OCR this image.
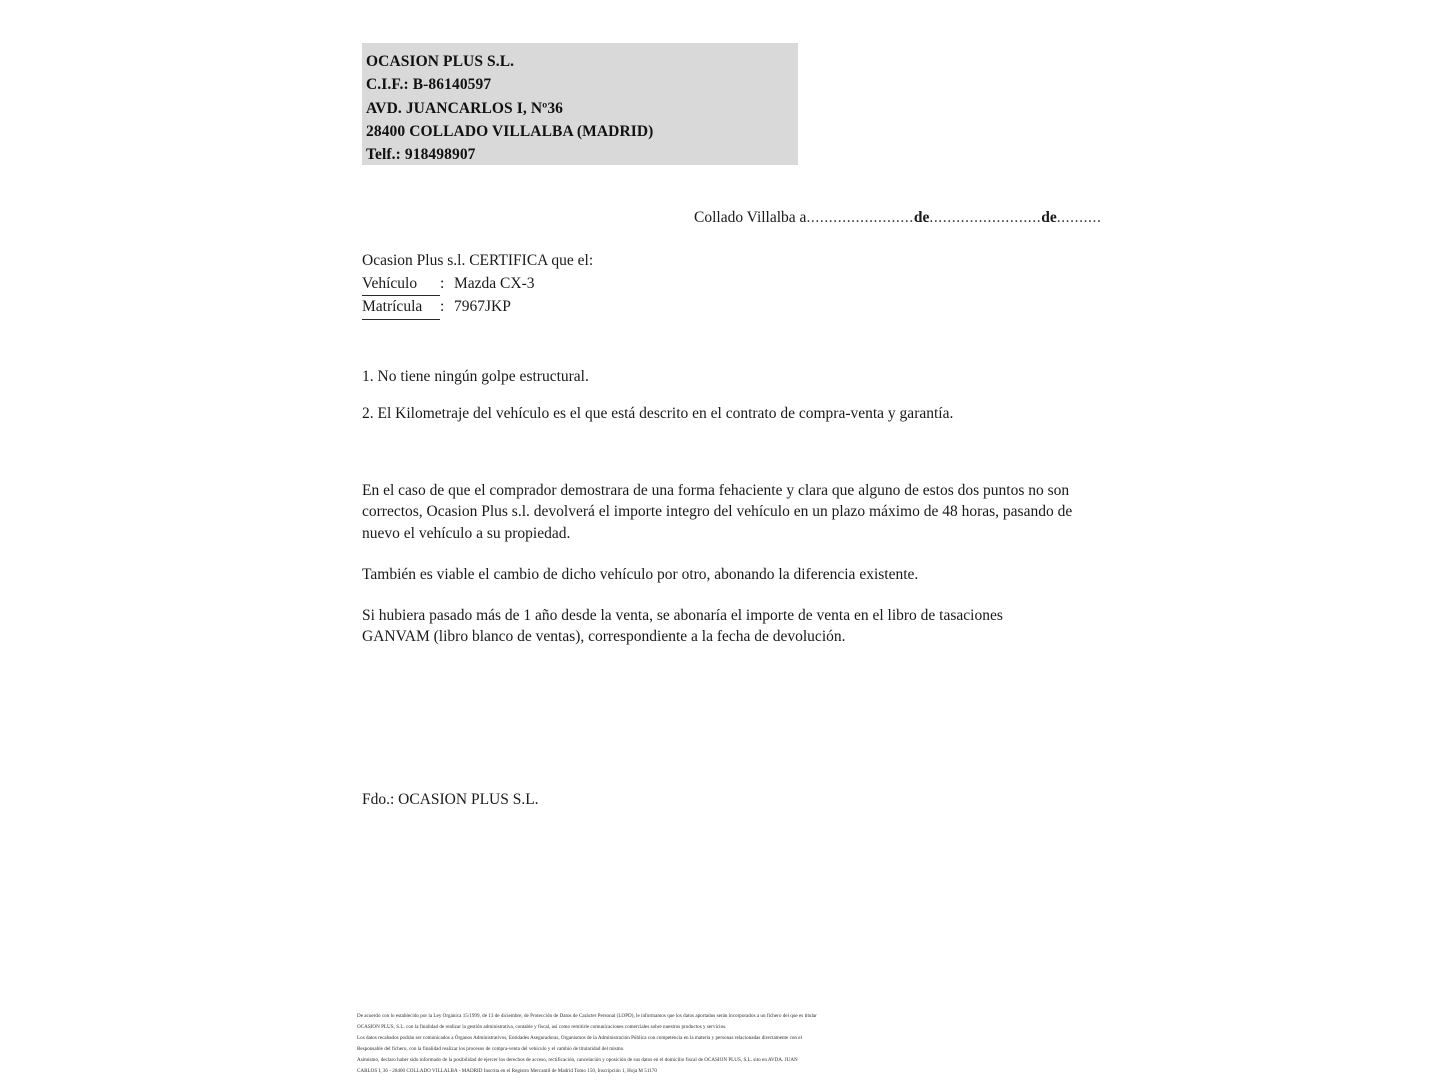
OCASION PLUS S.L.
C.I.F.: B-86140597
AVD. JUANCARLOS I, Nº36
28400 COLLADO VILLALBA (MADRID)
Telf.: 918498907
Collado Villalba a........................de.........................de..........

Ocasion Plus s.l. CERTIFICA que el:

Vehículo : Mazda CX-3
Matrícula : 7967JKP
1. No tiene ningún golpe estructural.
2. El Kilometraje del vehículo es el que está descrito en el contrato de compra-venta y garantía.

En el caso de que el comprador demostrara de una forma fehaciente y clara que alguno de estos dos puntos no son correctos, Ocasion Plus s.l. devolverá el importe integro del vehículo en un plazo máximo de 48 horas, pasando de nuevo el vehículo a su propiedad.

También es viable el cambio de dicho vehículo por otro, abonando la diferencia existente.

Si hubiera pasado más de 1 año desde la venta, se abonaría el importe de venta en el libro de tasaciones GANVAM (libro blanco de ventas), correspondiente a la fecha de devolución.

Fdo.: OCASION PLUS S.L.
De acuerdo con lo establecido por la Ley Orgánica 15/1999, de 13 de diciembre, de Protección de Datos de Carácter Personal (LOPD), le informamos que los datos aportados serán incorporados a un fichero del que es titular
OCASION PLUS, S.L. con la finalidad de realizar la gestión administrativa, contable y fiscal, así como remitirle comunicaciones comerciales sobre nuestros productos y servicios.
Los datos recabados podrán ser comunicados a Órganos Administrativos, Entidades Aseguradoras, Organismos de la Administración Pública con competencia en la materia y personas relacionadas directamente con el
Responsable del fichero, con la finalidad realizar los procesos de compra-venta del vehículo y el cambio de titularidad del mismo.
Asimismo, declaro haber sido informado de la posibilidad de ejercer los derechos de acceso, rectificación, cancelación y oposición de sus datos en el domicilio fiscal de OCASION PLUS, S.L. sito en AVDA. JUAN
CARLOS I, 36 - 28400 COLLADO VILLALBA - MADRID Inscrita en el Registro Mercantil de Madrid Tomo 150, Inscripción 1, Hoja M 51170
